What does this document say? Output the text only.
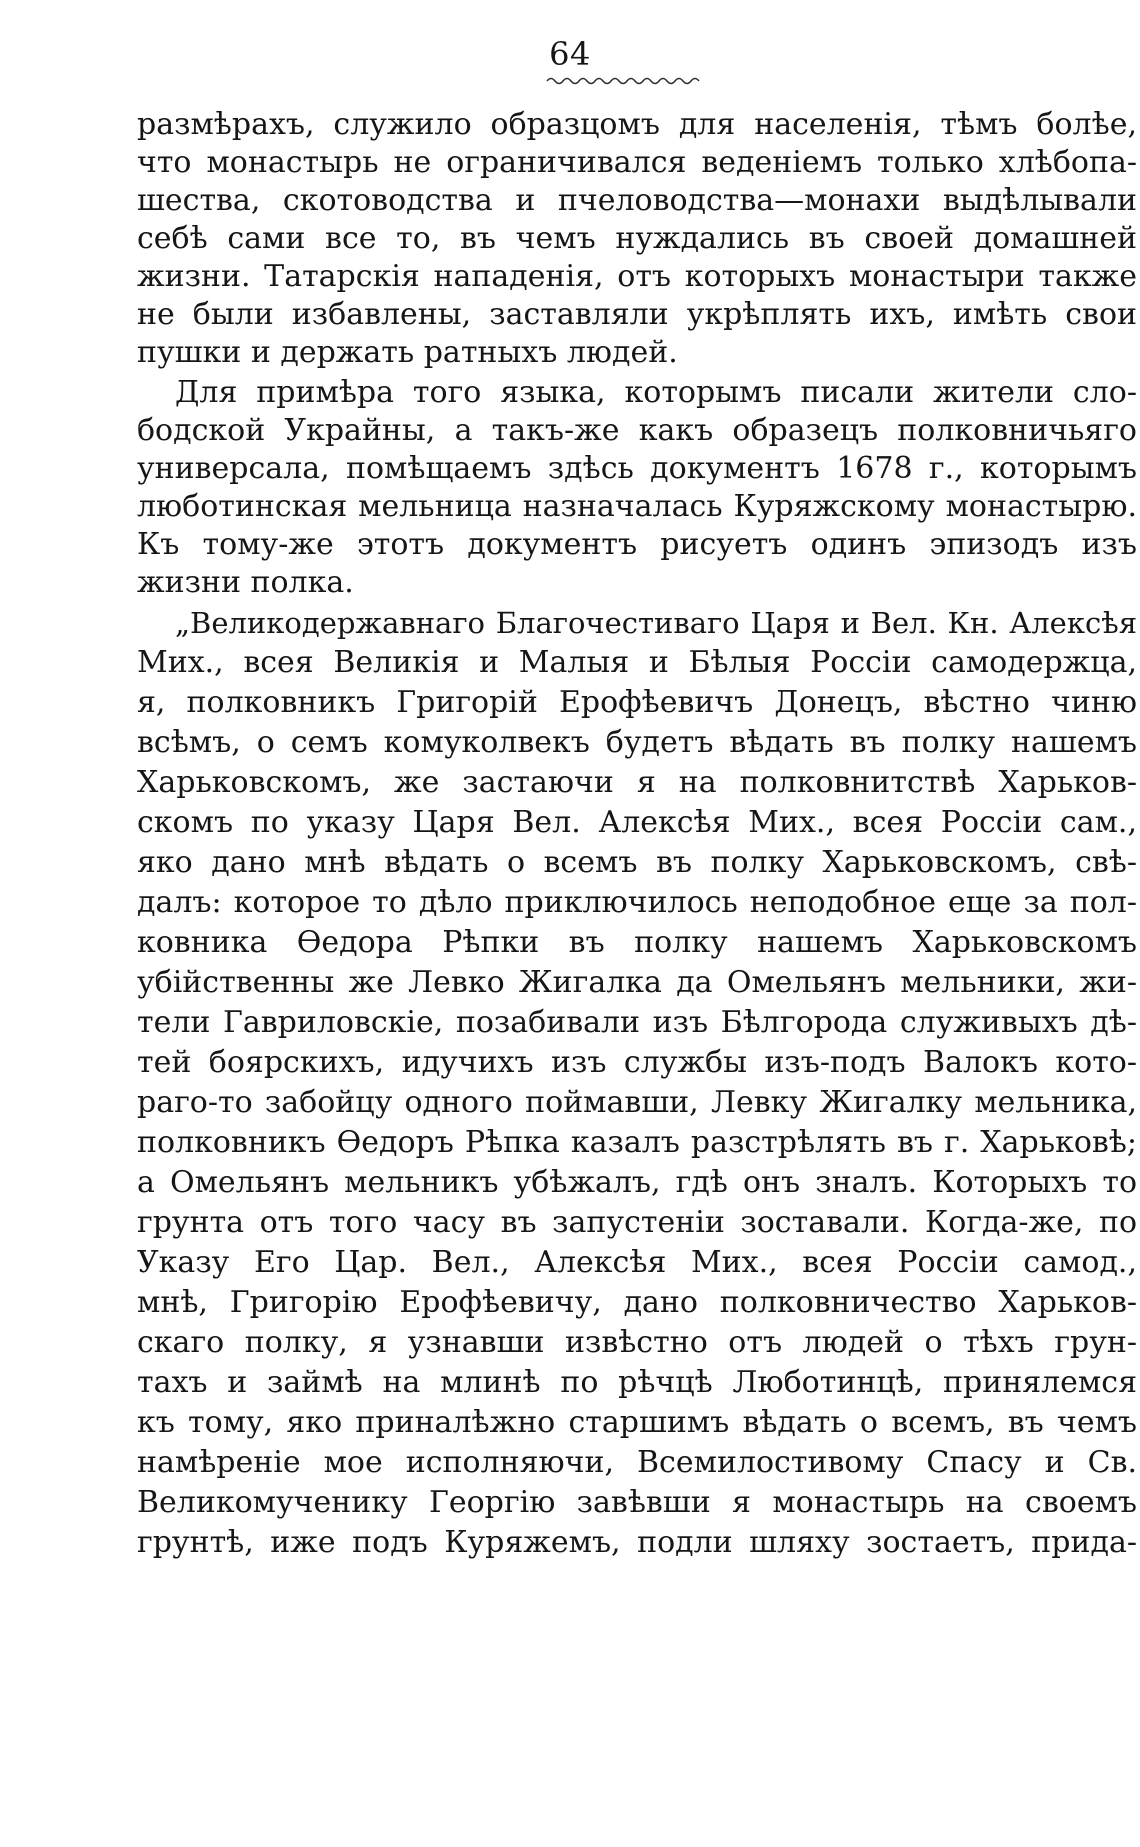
64
размѣрахъ, служило образцомъ для населенія, тѣмъ болѣе,
что монастырь не ограничивался веденіемъ только хлѣбопа-
шества, скотоводства и пчеловодства—монахи выдѣлывали
себѣ сами все то, въ чемъ нуждались въ своей домашней
жизни. Татарскія нападенія, отъ которыхъ монастыри также
не были избавлены, заставляли укрѣплять ихъ, имѣть свои
пушки и держать ратныхъ людей.
Для примѣра того языка, которымъ писали жители сло-
бодской Украйны, а такъ-же какъ образецъ полковничьяго
универсала, помѣщаемъ здѣсь документъ 1678 г., которымъ
люботинская мельница назначалась Куряжскому монастырю.
Къ тому-же этотъ документъ рисуетъ одинъ эпизодъ изъ
жизни полка.
„Великодержавнаго Благочестиваго Царя и Вел. Кн. Алексѣя
Мих., всея Великія и Малыя и Бѣлыя Россіи самодержца,
я, полковникъ Григорій Ерофѣевичъ Донецъ, вѣстно чиню
всѣмъ, о семъ комуколвекъ будетъ вѣдать въ полку нашемъ
Харьковскомъ, же застаючи я на полковнитствѣ Харьков-
скомъ по указу Царя Вел. Алексѣя Мих., всея Россіи сам.,
яко дано мнѣ вѣдать о всемъ въ полку Харьковскомъ, свѣ-
далъ: которое то дѣло приключилось неподобное еще за пол-
ковника Өедора Рѣпки въ полку нашемъ Харьковскомъ
убійственны же Левко Жигалка да Омельянъ мельники, жи-
тели Гавриловскіе, позабивали изъ Бѣлгорода служивыхъ дѣ-
тей боярскихъ, идучихъ изъ службы изъ-подъ Валокъ кото-
раго-то забойцу одного поймавши, Левку Жигалку мельника,
полковникъ Өедоръ Рѣпка казалъ разстрѣлять въ г. Харьковѣ;
а Омельянъ мельникъ убѣжалъ, гдѣ онъ зналъ. Которыхъ то
грунта отъ того часу въ запустеніи зоставали. Когда-же, по
Указу Его Цар. Вел., Алексѣя Мих., всея Россіи самод.,
мнѣ, Григорію Ерофѣевичу, дано полковничество Харьков-
скаго полку, я узнавши извѣстно отъ людей о тѣхъ грун-
тахъ и займѣ на млинѣ по рѣчцѣ Люботинцѣ, принялемся
къ тому, яко приналѣжно старшимъ вѣдать о всемъ, въ чемъ
намѣреніе мое исполняючи, Всемилостивому Спасу и Св.
Великомученику Георгію завѣвши я монастырь на своемъ
грунтѣ, иже подъ Куряжемъ, подли шляху зостаетъ, прида-
